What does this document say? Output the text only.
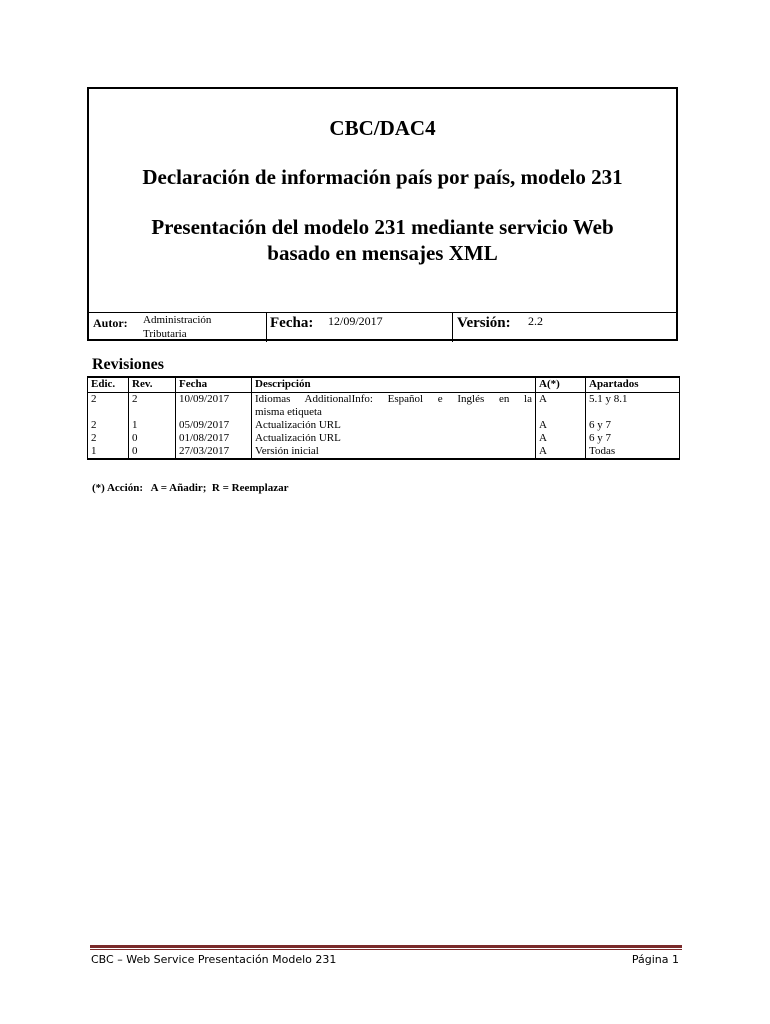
CBC/DAC4
Declaración de información país por país, modelo 231
Presentación del modelo 231 mediante servicio Web basado en mensajes XML
Autor: Administración
Tributaria
Fecha: 12/09/2017	Versión: 2.2
Revisiones
Edic.	Rev.	Fecha	Descripción	A(*)	Apartados
2	2	10/09/2017	Idiomas AdditionalInfo: Español e Inglés en la
misma etiqueta	A	5.1 y 8.1
2	1	05/09/2017	Actualización URL	A	6 y 7
2	0	01/08/2017	Actualización URL	A	6 y 7
1	0	27/03/2017	Versión inicial	A	Todas
(*) Acción:   A = Añadir;  R = Reemplazar
CBC – Web Service Presentación Modelo 231	Página 1
